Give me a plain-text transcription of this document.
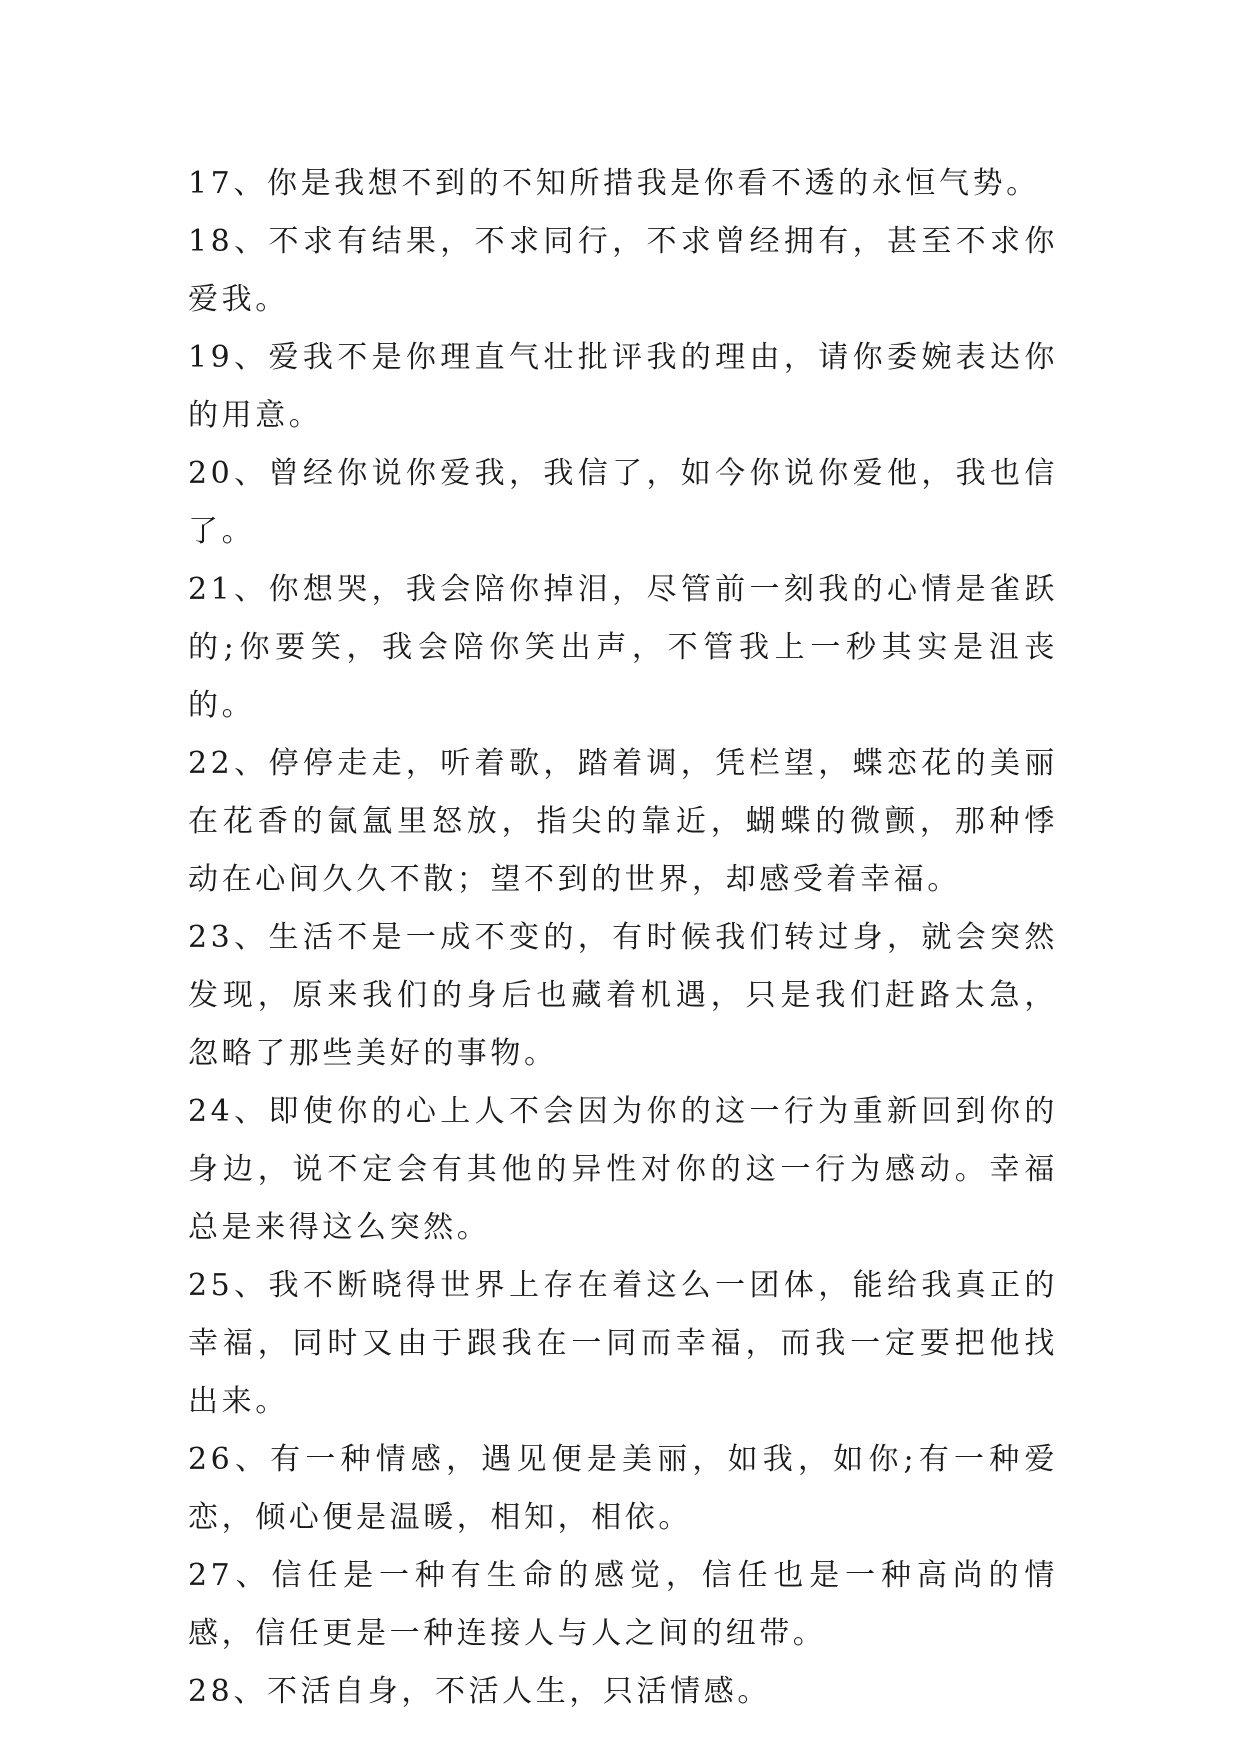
17、你是我想不到的不知所措我是你看不透的永恒气势。

18、不求有结果，不求同行，不求曾经拥有，甚至不求你爱我。

19、爱我不是你理直气壮批评我的理由，请你委婉表达你的用意。

20、曾经你说你爱我，我信了，如今你说你爱他，我也信了。

21、你想哭，我会陪你掉泪，尽管前一刻我的心情是雀跃的;你要笑，我会陪你笑出声，不管我上一秒其实是沮丧的。

22、停停走走，听着歌，踏着调，凭栏望，蝶恋花的美丽在花香的氤氲里怒放，指尖的靠近，蝴蝶的微颤，那种悸动在心间久久不散；望不到的世界，却感受着幸福。

23、生活不是一成不变的，有时候我们转过身，就会突然发现，原来我们的身后也藏着机遇，只是我们赶路太急，忽略了那些美好的事物。

24、即使你的心上人不会因为你的这一行为重新回到你的身边，说不定会有其他的异性对你的这一行为感动。幸福总是来得这么突然。

25、我不断晓得世界上存在着这么一团体，能给我真正的幸福，同时又由于跟我在一同而幸福，而我一定要把他找出来。

26、有一种情感，遇见便是美丽，如我，如你;有一种爱恋，倾心便是温暖，相知，相依。

27、信任是一种有生命的感觉，信任也是一种高尚的情感，信任更是一种连接人与人之间的纽带。

28、不活自身，不活人生，只活情感。
